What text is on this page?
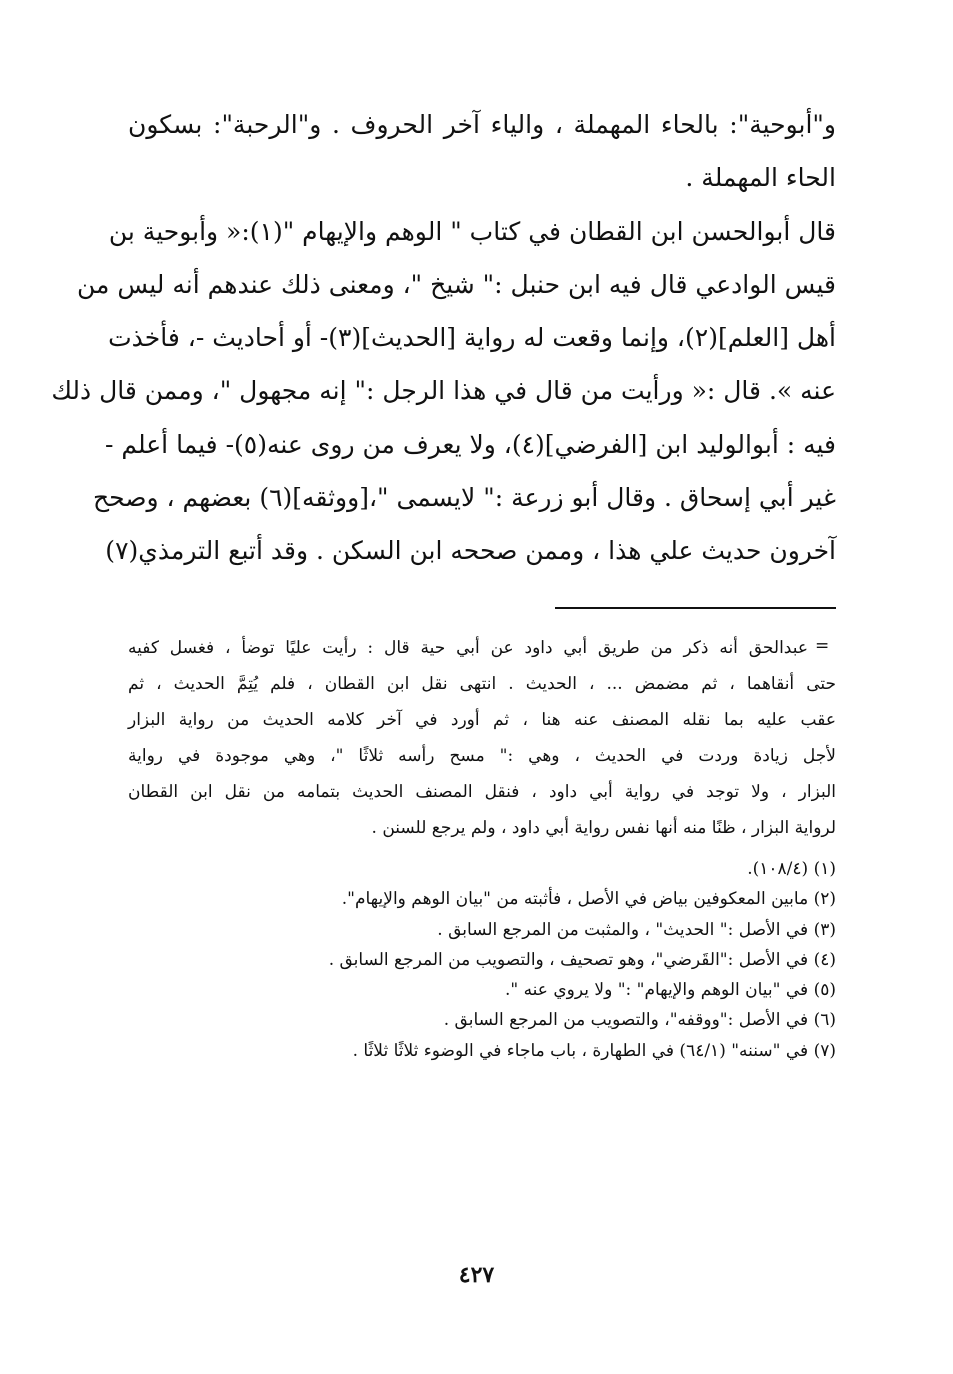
و"أبوحية": بالحاء المهملة ، والياء آخر الحروف . و"الرحبة": بسكون
الحاء المهملة .
قال أبوالحسن ابن القطان في كتاب " الوهم والإيهام "(١):« وأبوحية بن
قيس الوادعي قال فيه ابن حنبل :" شيخ "، ومعنى ذلك عندهم أنه ليس من
أهل [العلم](٢)، وإنما وقعت له رواية [الحديث](٣)- أو أحاديث -، فأخذت
عنه ». قال :« ورأيت من قال في هذا الرجل :" إنه مجهول "، وممن قال ذلك
فيه : أبوالوليد ابن [الفرضي](٤)، ولا يعرف من روى عنه(٥)- فيما أعلم -
غير أبي إسحاق . وقال أبو زرعة :" لايسمى "،[ووثقه](٦) بعضهم ، وصحح
آخرون حديث علي هذا ، وممن صححه ابن السكن . وقد أتبع الترمذي(٧)
=
عبدالحق أنه ذكر من طريق أبي داود عن أبي حية قال : رأيت عليًا توضأ ، فغسل كفيه
حتى أنقاهما ، ثم مضمض ... ، الحديث . انتهى نقل ابن القطان ، فلم يُتِمَّ الحديث ، ثم
عقب عليه بما نقله المصنف عنه هنا ، ثم أورد في آخر كلامه الحديث من رواية البزار
لأجل زيادة وردت في الحديث ، وهي :" مسح رأسه ثلاثًا "، وهي موجودة في رواية
البزار ، ولا توجد في رواية أبي داود ، فنقل المصنف الحديث بتمامه من نقل ابن القطان
لرواية البزار ، ظنًا منه أنها نفس رواية أبي داود ، ولم يرجع للسنن .
(١) (١٠٨/٤).
(٢) مابين المعكوفين بياض في الأصل ، فأثبته من "بيان الوهم والإيهام".
(٣) في الأصل :" الحديث" ، والمثبت من المرجع السابق .
(٤) في الأصل :"القَرضي"، وهو تصحيف ، والتصويب من المرجع السابق .
(٥) في "بيان الوهم والإيهام" :" ولا يروي عنه ".
(٦) في الأصل :"ووقفه"، والتصويب من المرجع السابق .
(٧) في "سننه" (٦٤/١) في الطهارة ، باب ماجاء في الوضوء ثلاثًا ثلاثًا .
٤٢٧
